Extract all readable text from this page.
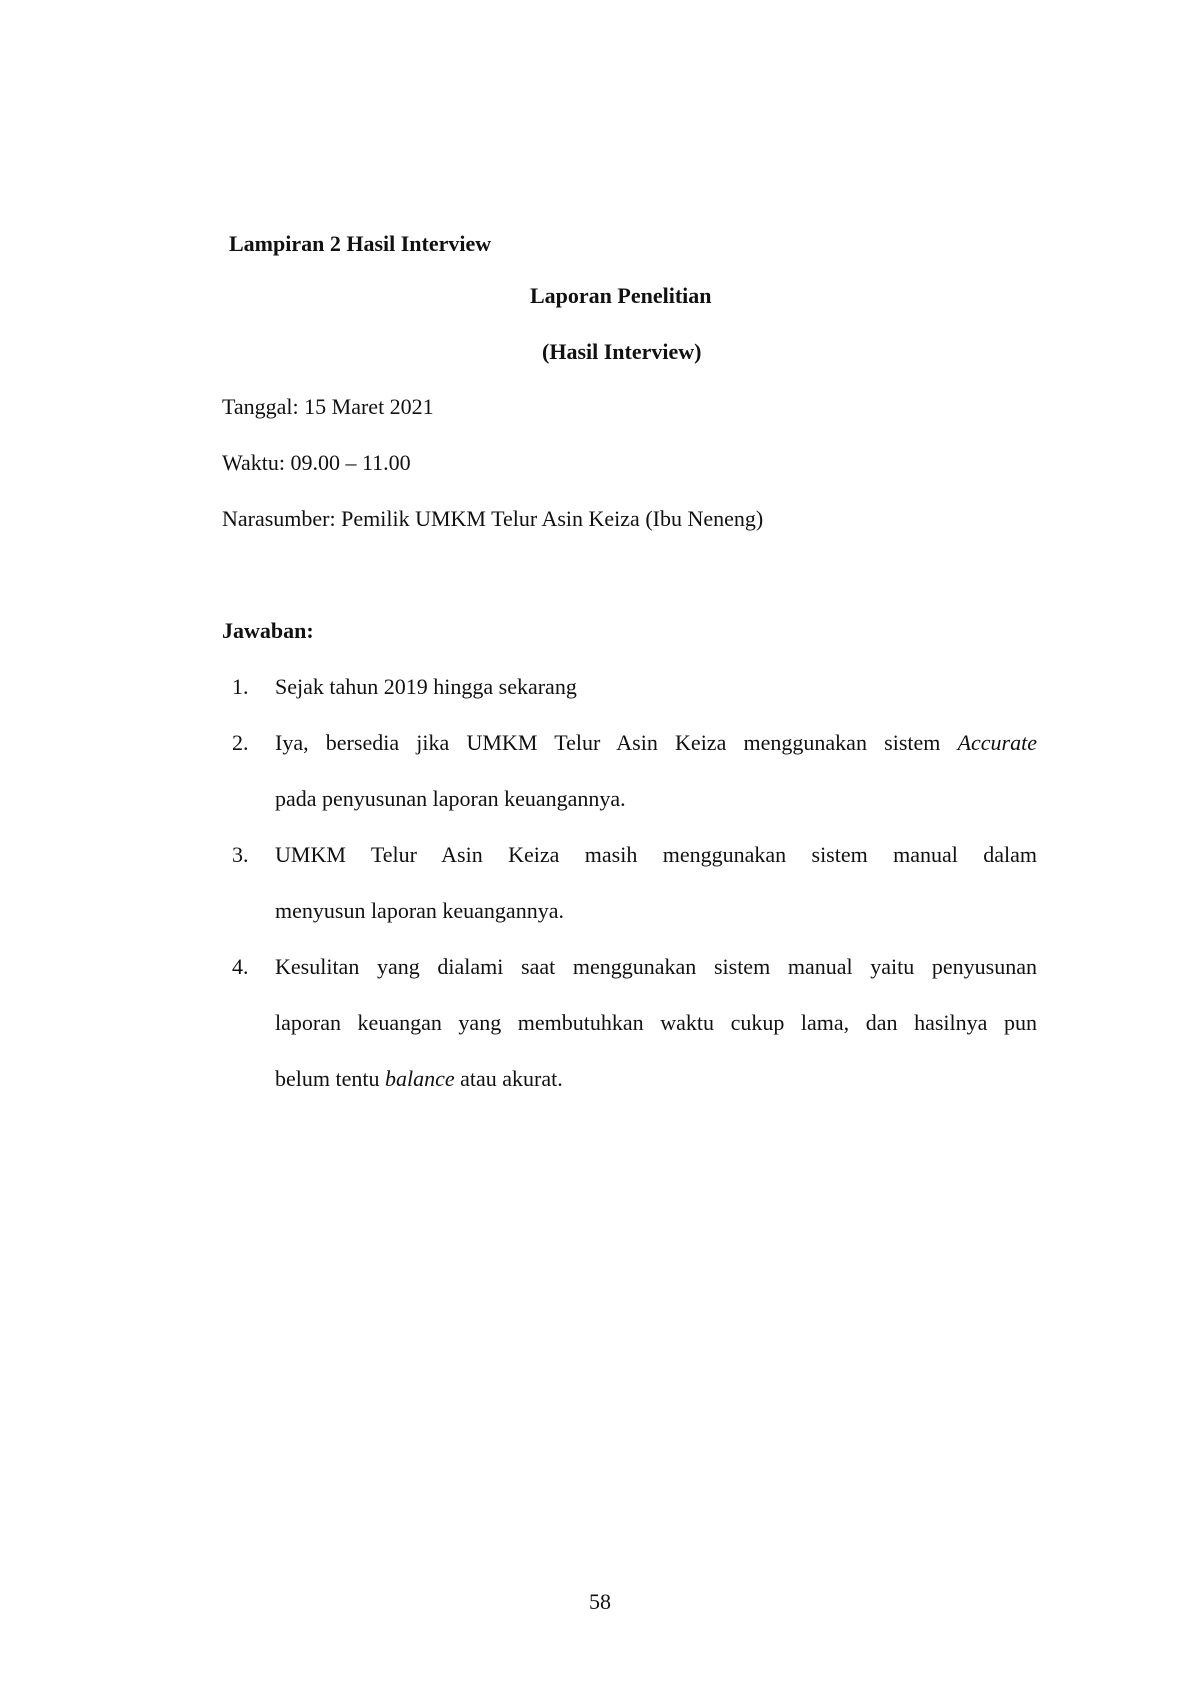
Lampiran 2 Hasil Interview
Laporan Penelitian
(Hasil Interview)
Tanggal: 15 Maret 2021
Waktu: 09.00 – 11.00
Narasumber: Pemilik UMKM Telur Asin Keiza (Ibu Neneng)
Jawaban:
1. Sejak tahun 2019 hingga sekarang
2. Iya, bersedia jika UMKM Telur Asin Keiza menggunakan sistem Accurate
pada penyusunan laporan keuangannya.
3. UMKM Telur Asin Keiza masih menggunakan sistem manual dalam
menyusun laporan keuangannya.
4. Kesulitan yang dialami saat menggunakan sistem manual yaitu penyusunan
laporan keuangan yang membutuhkan waktu cukup lama, dan hasilnya pun
belum tentu balance atau akurat.
58
